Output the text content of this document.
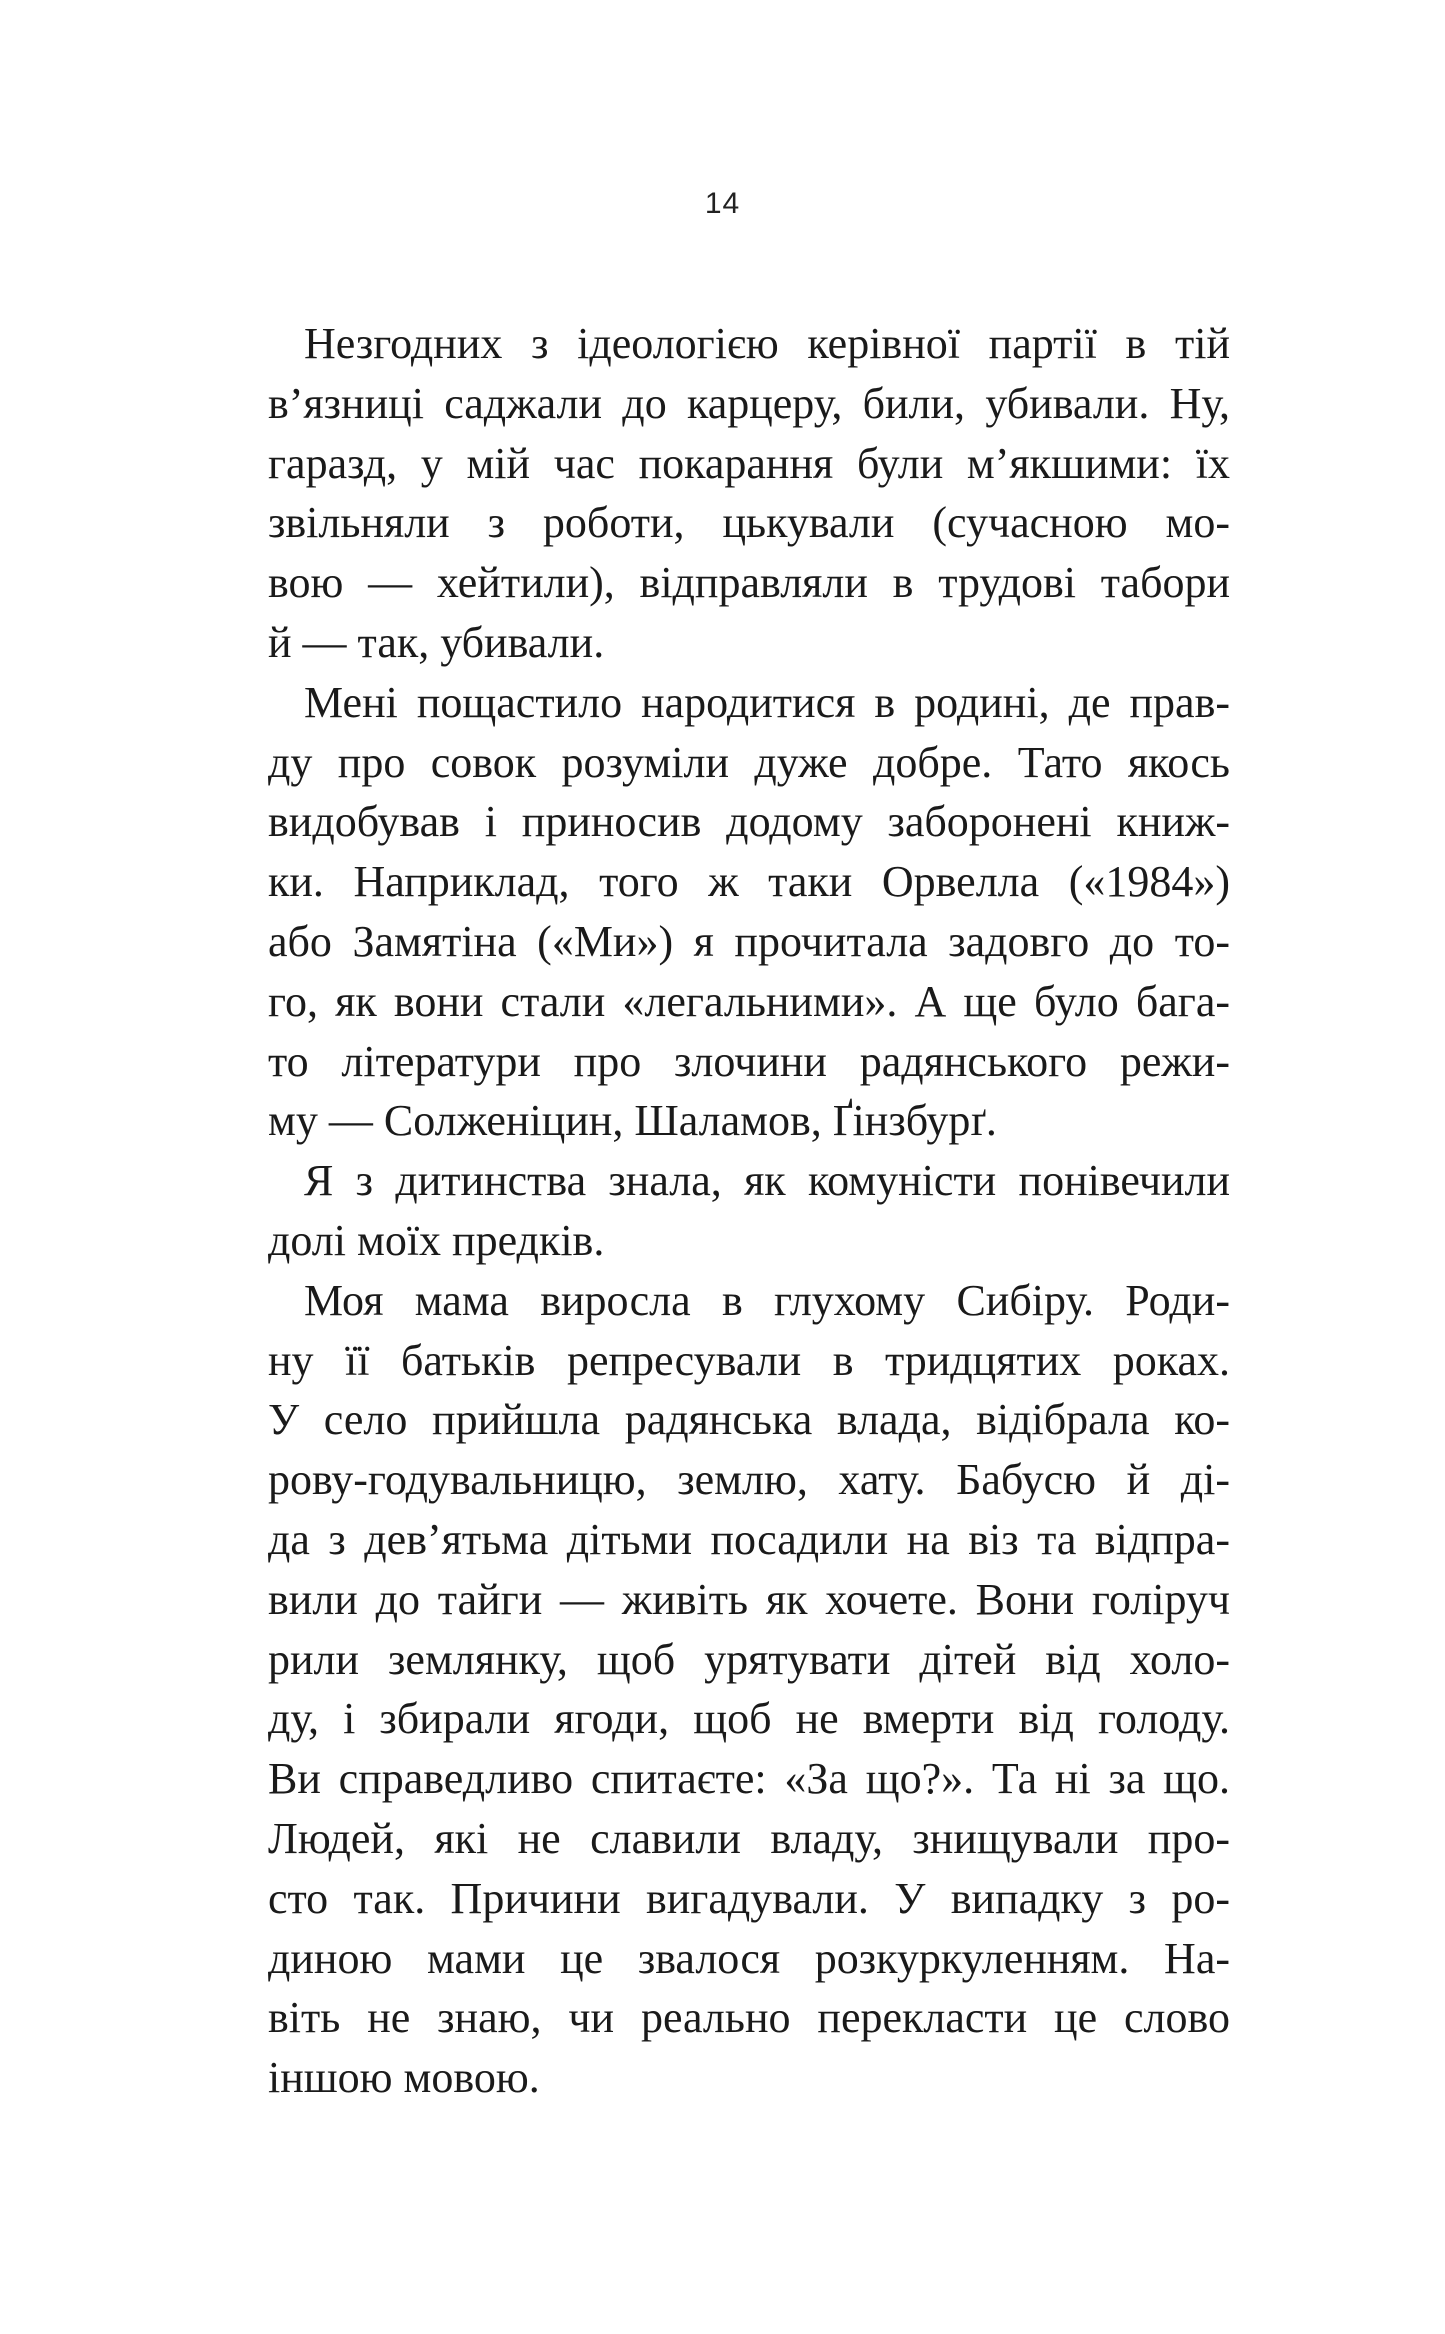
14

Незгодних з ідеологією керівної партії в тій
в’язниці саджали до карцеру, били, убивали. Ну,
гаразд, у мій час покарання були м’якшими: їх
звільняли з роботи, цькували (сучасною мо-
вою — хейтили), відправляли в трудові табори
й — так, убивали.

Мені пощастило народитися в родині, де прав-
ду про совок розуміли дуже добре. Тато якось
видобував і приносив додому заборонені книж-
ки. Наприклад, того ж таки Орвелла («1984»)
або Замятіна («Ми») я прочитала задовго до то-
го, як вони стали «легальними». А ще було бага-
то літератури про злочини радянського режи-
му — Солженіцин, Шаламов, Ґінзбурґ.

Я з дитинства знала, як комуністи понівечили
долі моїх предків.

Моя мама виросла в глухому Сибіру. Роди-
ну її батьків репресували в тридцятих роках.
У село прийшла радянська влада, відібрала ко-
рову-годувальницю, землю, хату. Бабусю й ді-
да з дев’ятьма дітьми посадили на віз та відпра-
вили до тайги — живіть як хочете. Вони голіруч
рили землянку, щоб урятувати дітей від холо-
ду, і збирали ягоди, щоб не вмерти від голоду.
Ви справедливо спитаєте: «За що?». Та ні за що.
Людей, які не славили владу, знищували про-
сто так. Причини вигадували. У випадку з ро-
диною мами це звалося розкуркуленням. На-
віть не знаю, чи реально перекласти це слово
іншою мовою.
